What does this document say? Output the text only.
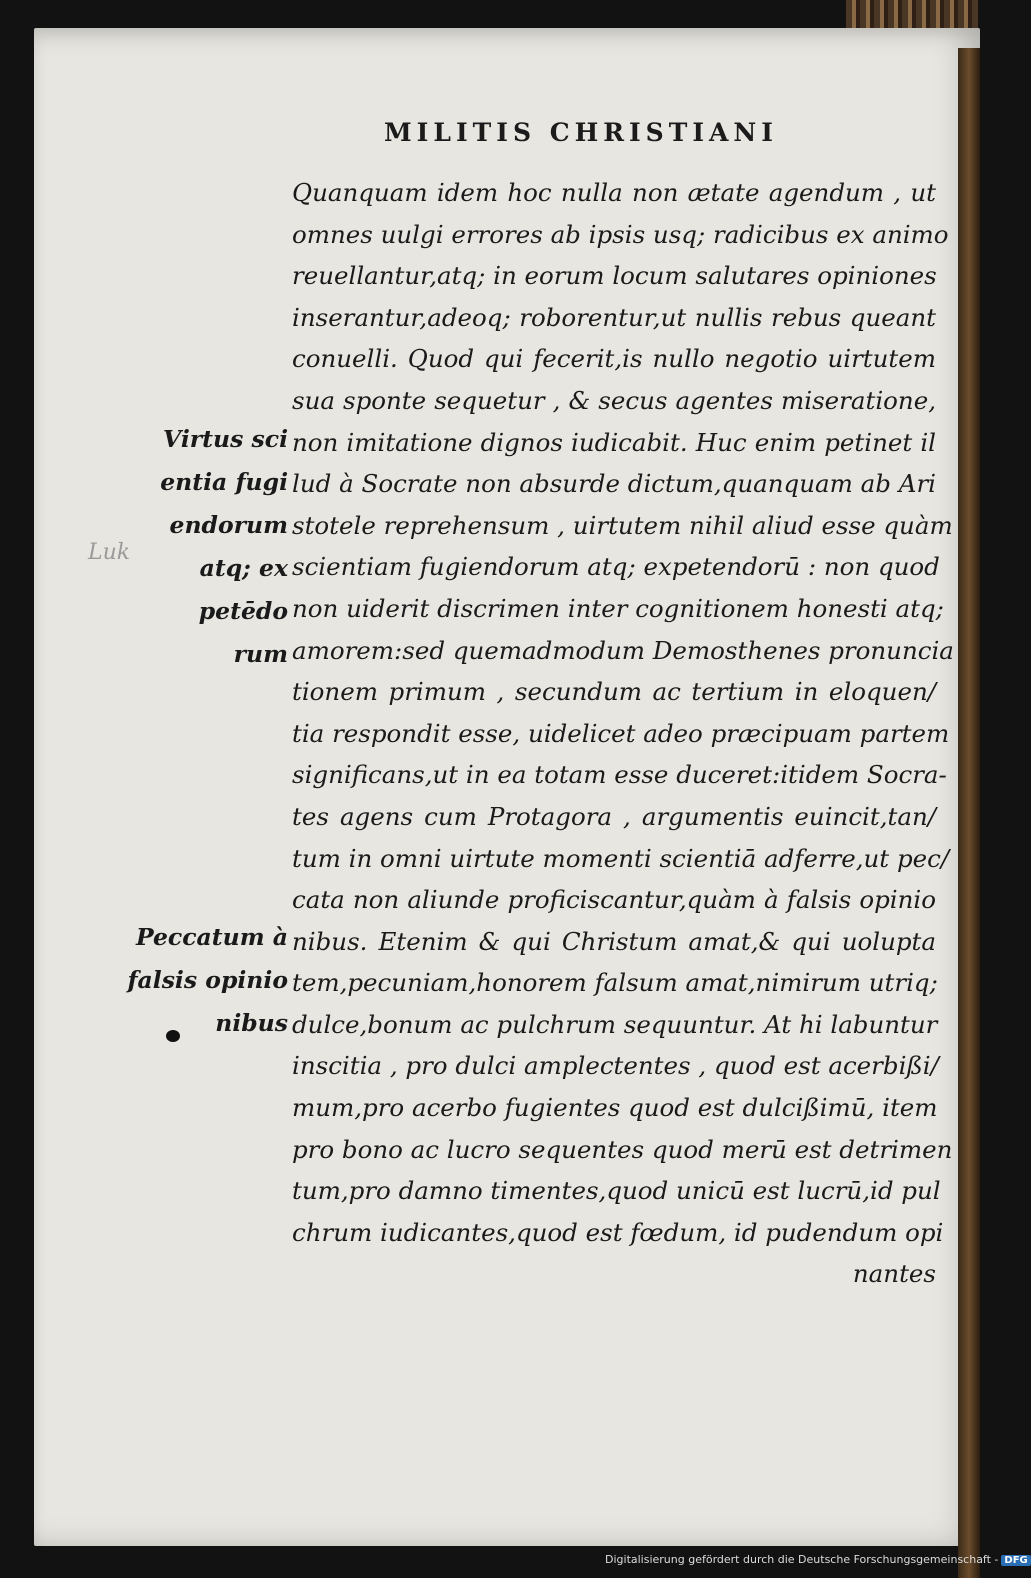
MILITIS CHRISTIANI
Quanquam idem hoc nulla non ætate agendum , ut
omnes uulgi errores ab ipsis usq; radicibus ex animo
reuellantur,atq; in eorum locum salutares opiniones
inserantur,adeoq; roborentur,ut nullis rebus queant
conuelli. Quod qui fecerit,is nullo negotio uirtutem
sua sponte sequetur , & secus agentes miseratione,
non imitatione dignos iudicabit. Huc enim petinet il
lud à Socrate non absurde dictum,quanquam ab Ari
stotele reprehensum , uirtutem nihil aliud esse quàm
scientiam fugiendorum atq; expetendorū : non quod
non uiderit discrimen inter cognitionem honesti atq;
amorem:sed quemadmodum Demosthenes pronuncia
tionem primum , secundum ac tertium in eloquen/
tia respondit esse, uidelicet adeo præcipuam partem
significans,ut in ea totam esse duceret:itidem Socra-
tes agens cum Protagora , argumentis euincit,tan/
tum in omni uirtute momenti scientiā adferre,ut pec/
cata non aliunde proficiscantur,quàm à falsis opinio
nibus. Etenim & qui Christum amat,& qui uolupta
tem,pecuniam,honorem falsum amat,nimirum utriq;
dulce,bonum ac pulchrum sequuntur. At hi labuntur
inscitia , pro dulci amplectentes , quod est acerbißi/
mum,pro acerbo fugientes quod est dulcißimū, item
pro bono ac lucro sequentes quod merū est detrimen
tum,pro damno timentes,quod unicū est lucrū,id pul
chrum iudicantes,quod est fœdum, id pudendum opi
nantes
Virtus sci
entia fugi
endorum
atq; ex
petēdo
rum
Peccatum à
falsis opinio
nibus
Luk
Digitalisierung gefördert durch die Deutsche Forschungsgemeinschaft - DFG
